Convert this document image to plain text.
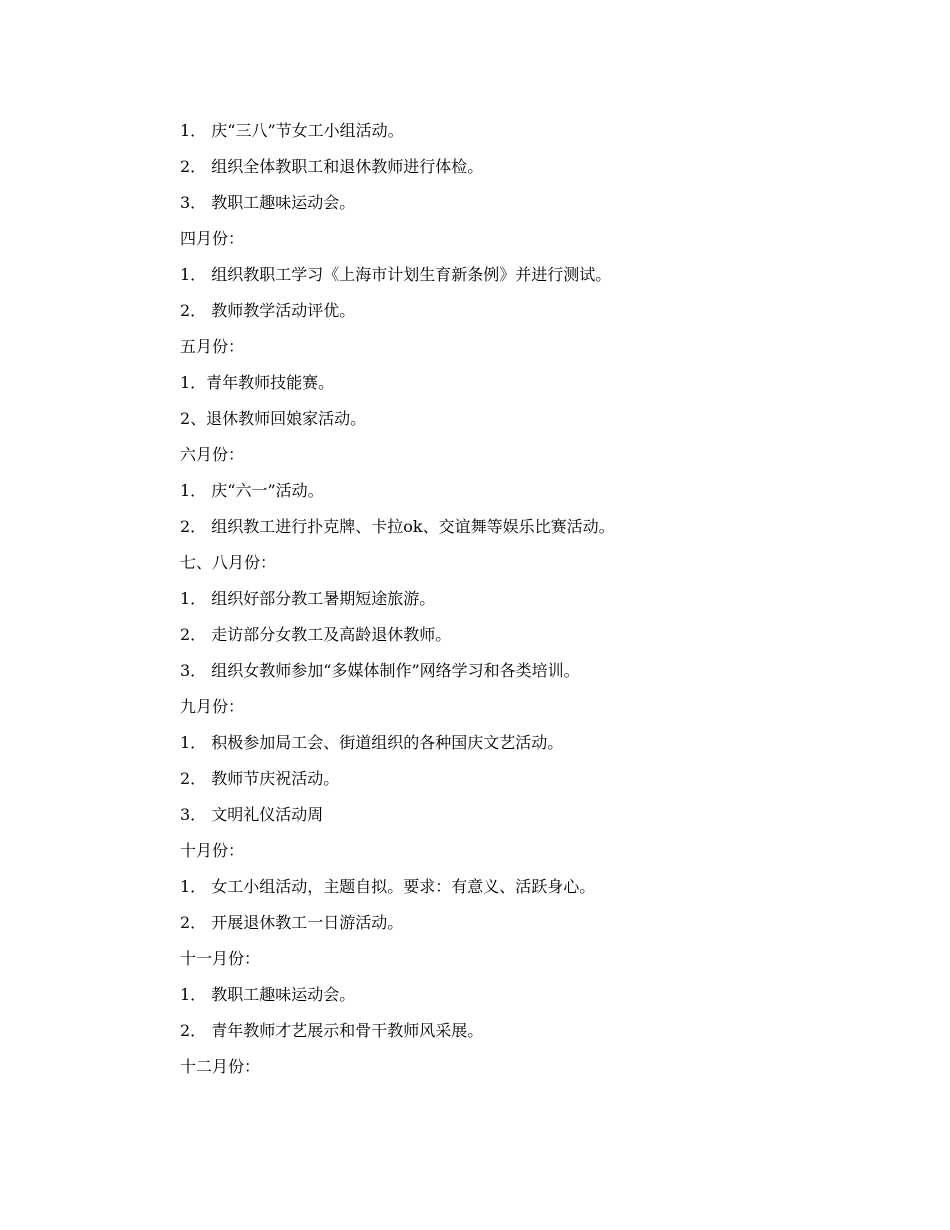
1． 庆“三八”节女工小组活动。
2． 组织全体教职工和退休教师进行体检。
3． 教职工趣味运动会。
四月份：
1． 组织教职工学习《上海市计划生育新条例》并进行测试。
2． 教师教学活动评优。
五月份：
1．青年教师技能赛。
2、退休教师回娘家活动。
六月份：
1． 庆“六一”活动。
2． 组织教工进行扑克牌、卡拉ok、交谊舞等娱乐比赛活动。
七、八月份：
1． 组织好部分教工暑期短途旅游。
2． 走访部分女教工及高龄退休教师。
3． 组织女教师参加“多媒体制作”网络学习和各类培训。
九月份：
1． 积极参加局工会、街道组织的各种国庆文艺活动。
2． 教师节庆祝活动。
3． 文明礼仪活动周
十月份：
1． 女工小组活动，主题自拟。要求：有意义、活跃身心。
2． 开展退休教工一日游活动。
十一月份：
1． 教职工趣味运动会。
2． 青年教师才艺展示和骨干教师风采展。
十二月份：
